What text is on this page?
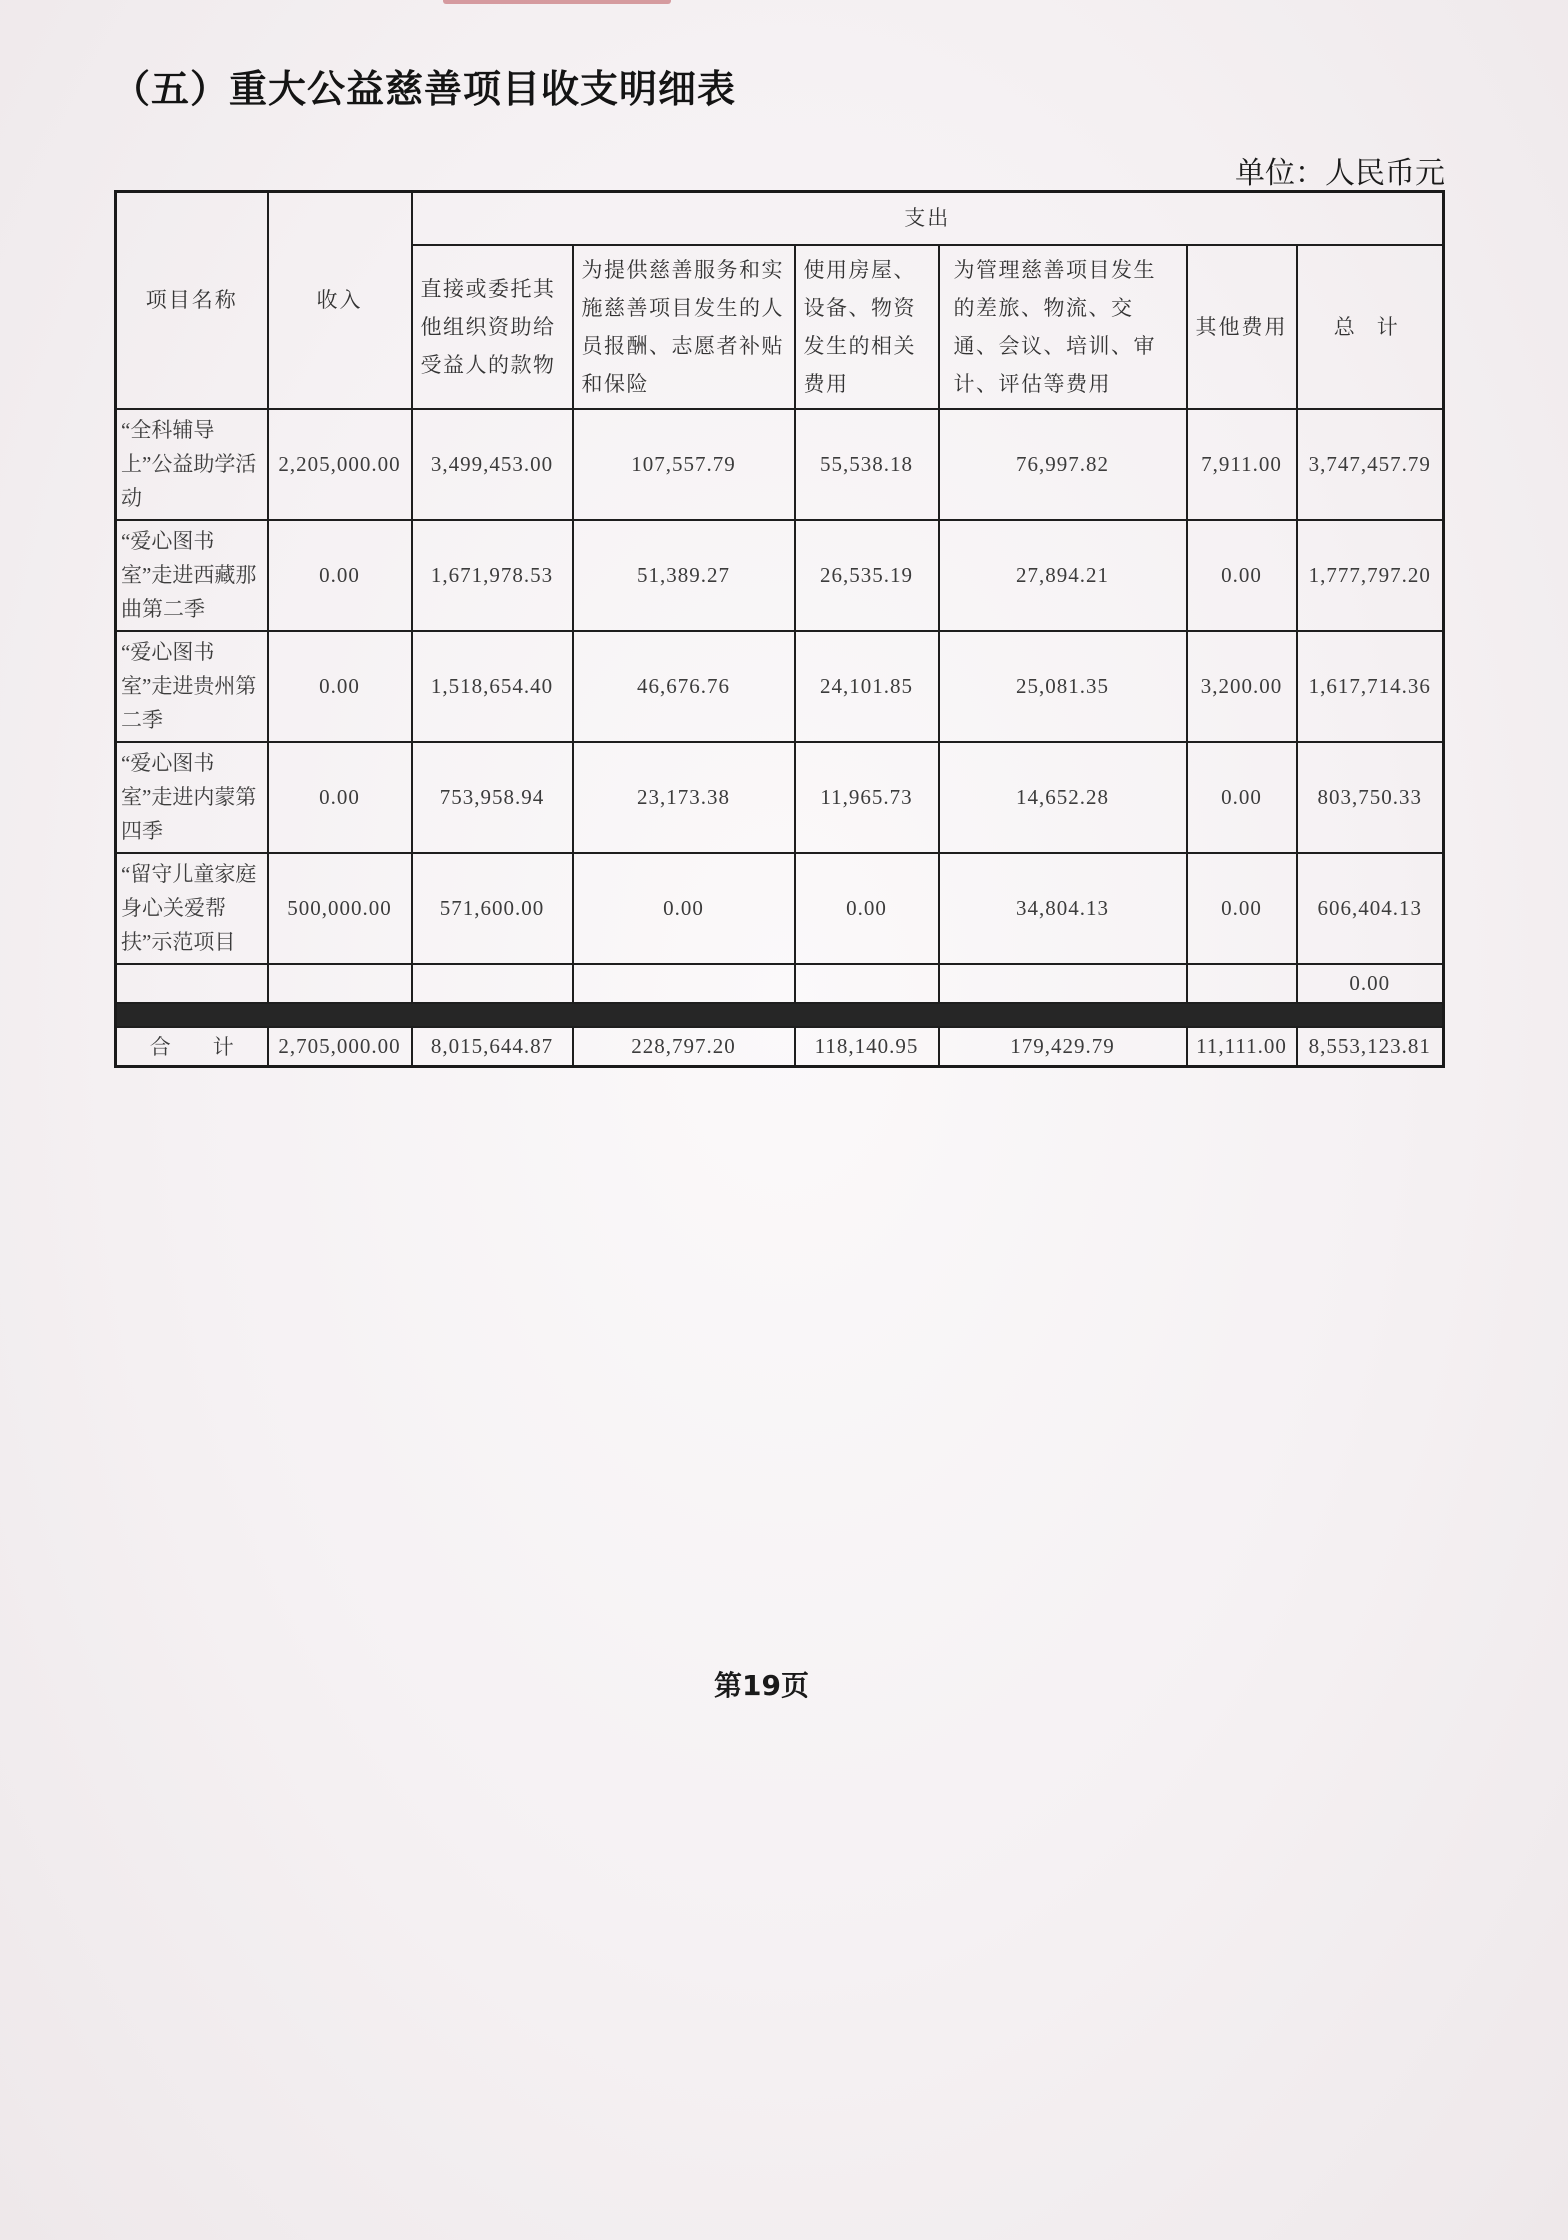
（五）重大公益慈善项目收支明细表
单位：人民币元
项目名称	收入	支出					
		直接或委托其他组织资助给受益人的款物	为提供慈善服务和实施慈善项目发生的人员报酬、志愿者补贴和保险	使用房屋、设备、物资发生的相关费用	为管理慈善项目发生的差旅、物流、交通、会议、培训、审计、评估等费用	其他费用	总计
“全科辅导上”公益助学活动	2,205,000.00	3,499,453.00	107,557.79	55,538.18	76,997.82	7,911.00	3,747,457.79
“爱心图书室”走进西藏那曲第二季	0.00	1,671,978.53	51,389.27	26,535.19	27,894.21	0.00	1,777,797.20
“爱心图书室”走进贵州第二季	0.00	1,518,654.40	46,676.76	24,101.85	25,081.35	3,200.00	1,617,714.36
“爱心图书室”走进内蒙第四季	0.00	753,958.94	23,173.38	11,965.73	14,652.28	0.00	803,750.33
“留守儿童家庭身心关爱帮扶”示范项目	500,000.00	571,600.00	0.00	0.00	34,804.13	0.00	606,404.13
							0.00

合　　计	2,705,000.00	8,015,644.87	228,797.20	118,140.95	179,429.79	11,111.00	8,553,123.81
第19页
